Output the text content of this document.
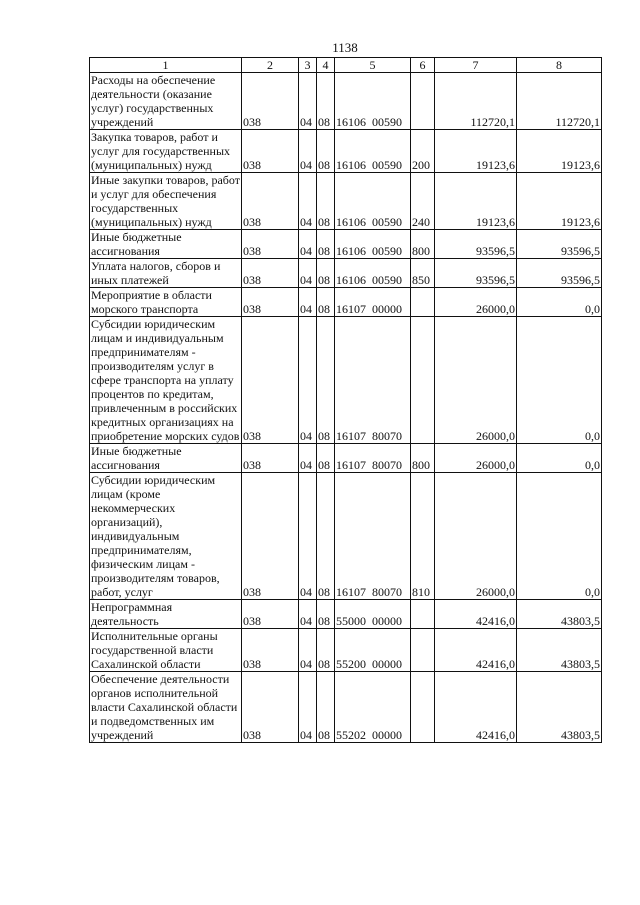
1138
1	2	3	4	5	6	7	8
Расходы на обеспечение деятельности (оказание услуг) государственных учреждений	038	04	08	16106  00590		112720,1	112720,1
Закупка товаров, работ и услуг для государственных (муниципальных) нужд	038	04	08	16106  00590	200	19123,6	19123,6
Иные закупки товаров, работ и услуг для обеспечения государственных (муниципальных) нужд	038	04	08	16106  00590	240	19123,6	19123,6
Иные бюджетные ассигнования	038	04	08	16106  00590	800	93596,5	93596,5
Уплата налогов, сборов и иных платежей	038	04	08	16106  00590	850	93596,5	93596,5
Мероприятие в области морского транспорта	038	04	08	16107  00000		26000,0	0,0
Субсидии юридическим лицам и индивидуальным предпринимателям - производителям услуг в сфере транспорта на уплату процентов по кредитам, привлеченным в российских кредитных организациях на приобретение морских судов	038	04	08	16107  80070		26000,0	0,0
Иные бюджетные ассигнования	038	04	08	16107  80070	800	26000,0	0,0
Субсидии юридическим лицам (кроме некоммерческих организаций), индивидуальным предпринимателям, физическим лицам - производителям товаров, работ, услуг	038	04	08	16107  80070	810	26000,0	0,0
Непрограммная деятельность	038	04	08	55000  00000		42416,0	43803,5
Исполнительные органы государственной власти Сахалинской области	038	04	08	55200  00000		42416,0	43803,5
Обеспечение деятельности органов исполнительной власти Сахалинской области и подведомственных им учреждений	038	04	08	55202  00000		42416,0	43803,5
